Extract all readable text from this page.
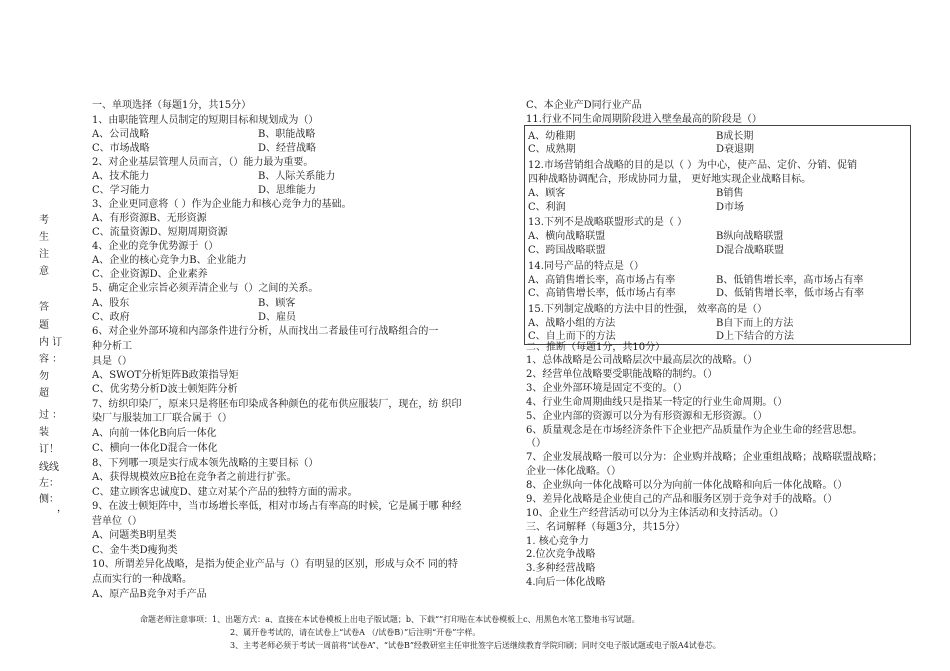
考
生
注
意
答
题
内 订
容 ：
勿
超
过 ：
装
订！
线线
左：
侧：
，
一、单项选择（每题1分，共15分）
1、由职能管理人员制定的短期目标和规划成为（）
A、公司战略	B、职能战略
C、市场战略	D、经营战略
2、对企业基层管理人员而言，（）能力最为重要。
A、技术能力	B、人际关系能力
C、学习能力	D、思维能力
3、企业更同意将（ ）作为企业能力和核心竞争力的基础。
A、有形资源B、无形资源
C、流量资源D、短期周期资源
4、企业的竞争优势源于（）
A、企业的核心竞争力B、企业能力
C、企业资源D、企业素养
5、确定企业宗旨必须弄清企业与（）之间的关系。
A、股东	B、顾客
C、政府	D、雇员
6、对企业外部环境和内部条件进行分析，从而找出二者最佳可行战略组合的一
种分析工
具是（）
A、SWOT分析矩阵B政策指导矩
C、优劣势分析D波士顿矩阵分析
7、纺织印染厂，原来只是将胚布印染成各种颜色的花布供应服装厂，现在，纺 织印
染厂与服装加工厂联合属于（）
A、向前一体化B向后一体化
C、横向一体化D混合一体化
8、下列哪一项是实行成本领先战略的主要目标（）
A、获得规模效应B抢在竞争者之前进行扩张。
C、建立顾客忠诚度D、建立对某个产品的独特方面的需求。
9、在波士顿矩阵中，当市场增长率低，相对市场占有率高的时候，它是属于哪 种经
营单位（）
A、问题类B明星类
C、金牛类D瘦狗类
10、所谓差异化战略，是指为使企业产品与（）有明显的区别，形成与众不 同的特
点而实行的一种战略。
A、原产品B竞争对手产品
C、本企业产D同行业产品
11.行业不同生命周期阶段进入壁垒最高的阶段是（）
A、幼稚期	B成长期
C、成熟期	D衰退期
12.市场营销组合战略的目的是以（ ）为中心，使产品、定价、分销、促销
四种战略协调配合，形成协同力量， 更好地实现企业战略目标。
A、顾客	B销售
C、利润	D市场
13.下列不是战略联盟形式的是（ ）
A、横向战略联盟	B纵向战略联盟
C、跨国战略联盟	D混合战略联盟
14.同号产品的特点是（）
A、高销售增长率，高市场占有率	B、低销售增长率，高市场占有率
C、高销售增长率，低市场占有率	D、低销售增长率，低市场占有率
15.下列制定战略的方法中目的性强， 效率高的是（）
A、战略小组的方法	B自下而上的方法
C、自上而下的方法	D上下结合的方法
二、推断（每题1分，共10分）
1、总体战略是公司战略层次中最高层次的战略。（）
2、经营单位战略要受职能战略的制约。（）
3、企业外部环境是固定不变的。（）
4、行业生命周期曲线只是指某一特定的行业生命周期。（）
5、企业内部的资源可以分为有形资源和无形资源。（）
6、质量观念是在市场经济条件下企业把产品质量作为企业生命的经营思想。
（）
7、企业发展战略一般可以分为：企业购并战略；企业重组战略；战略联盟战略；
企业一体化战略。（）
8、企业纵向一体化战略可以分为向前一体化战略和向后一体化战略。（）
9、差异化战略是企业使自己的产品和服务区别于竞争对手的战略。（）
10、企业生产经营活动可以分为主体活动和支持活动。（）
三、名词解释（每题3分，共15分）
1. 核心竞争力
2.位次竞争战略
3.多种经营战略
4.向后一体化战略
命题老师注意事项：1、出题方式：a、直接在本试卷模板上出电子版试题；b、下载“”打印贴在本试卷模板上c、用黑色水笔工整地书写试题。
2、属开卷考试的，请在试卷上“试卷A （/试卷B）”后注明“开卷”字样。
3、主考老师必须于考试一周前将“试卷A”、“试卷B”经教研室主任审批签字后送继续教育学院印刷；同时交电子版试题或电子版A4试卷芯。
